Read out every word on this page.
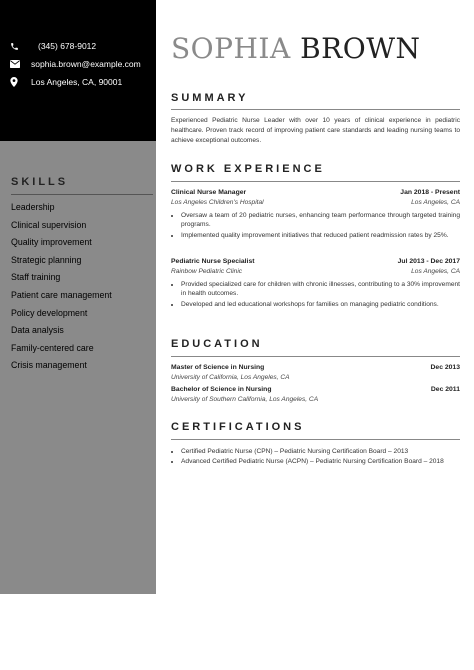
(345) 678-9012
sophia.brown@example.com
Los Angeles, CA, 90001
SKILLS
Leadership
Clinical supervision
Quality improvement
Strategic planning
Staff training
Patient care management
Policy development
Data analysis
Family-centered care
Crisis management
SOPHIA BROWN
SUMMARY
Experienced Pediatric Nurse Leader with over 10 years of clinical experience in pediatric healthcare. Proven track record of improving patient care standards and leading nursing teams to achieve exceptional outcomes.
WORK EXPERIENCE
Clinical Nurse Manager	Jan 2018 - Present
Los Angeles Children's Hospital	Los Angeles, CA
• Oversaw a team of 20 pediatric nurses, enhancing team performance through targeted training programs.
• Implemented quality improvement initiatives that reduced patient readmission rates by 25%.
Pediatric Nurse Specialist	Jul 2013 - Dec 2017
Rainbow Pediatric Clinic	Los Angeles, CA
• Provided specialized care for children with chronic illnesses, contributing to a 30% improvement in health outcomes.
• Developed and led educational workshops for families on managing pediatric conditions.
EDUCATION
Master of Science in Nursing	Dec 2013
University of California, Los Angeles, CA
Bachelor of Science in Nursing	Dec 2011
University of Southern California, Los Angeles, CA
CERTIFICATIONS
• Certified Pediatric Nurse (CPN) – Pediatric Nursing Certification Board – 2013
• Advanced Certified Pediatric Nurse (ACPN) – Pediatric Nursing Certification Board – 2018
